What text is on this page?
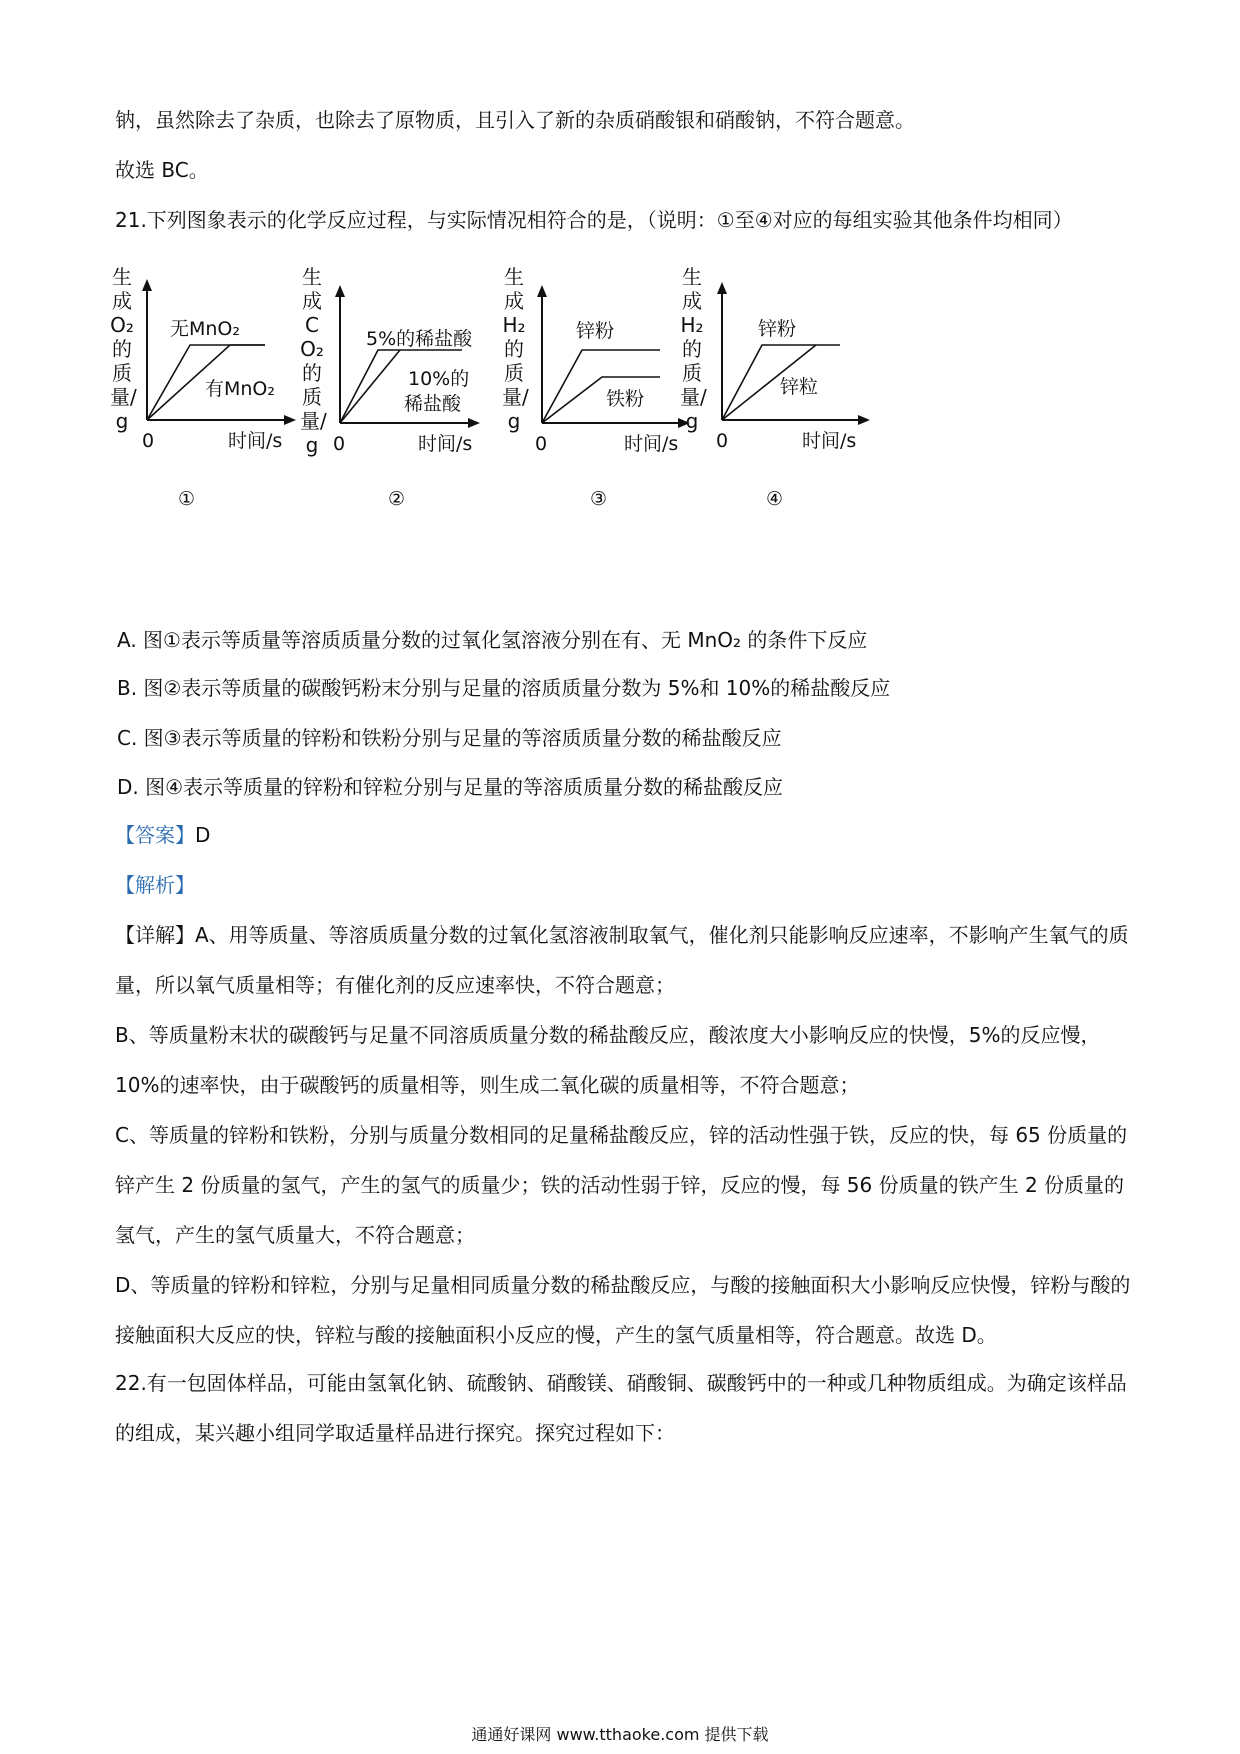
钠，虽然除去了杂质，也除去了原物质，且引入了新的杂质硝酸银和硝酸钠，不符合题意。

故选 BC。

21.下列图象表示的化学反应过程，与实际情况相符合的是，（说明：①至④对应的每组实验其他条件均相同）

生成O₂的质量/g
无MnO₂
有MnO₂
0	时间/s
①
生成CO₂的质量/g
5%的稀盐酸
10%的
稀盐酸
0	时间/s
②
生成H₂的质量/g
锌粉
铁粉
0	时间/s
③
生成H₂的质量/g
锌粉
锌粒
0	时间/s
④
A. 图①表示等质量等溶质质量分数的过氧化氢溶液分别在有、无 MnO₂ 的条件下反应
B. 图②表示等质量的碳酸钙粉末分别与足量的溶质质量分数为 5%和 10%的稀盐酸反应
C. 图③表示等质量的锌粉和铁粉分别与足量的等溶质质量分数的稀盐酸反应
D. 图④表示等质量的锌粉和锌粒分别与足量的等溶质质量分数的稀盐酸反应
【答案】D
【解析】

【详解】A、用等质量、等溶质质量分数的过氧化氢溶液制取氧气，催化剂只能影响反应速率，不影响产生氧气的质量，所以氧气质量相等；有催化剂的反应速率快，不符合题意；

B、等质量粉末状的碳酸钙与足量不同溶质质量分数的稀盐酸反应，酸浓度大小影响反应的快慢，5%的反应慢，10%的速率快，由于碳酸钙的质量相等，则生成二氧化碳的质量相等，不符合题意；

C、等质量的锌粉和铁粉，分别与质量分数相同的足量稀盐酸反应，锌的活动性强于铁，反应的快，每 65 份质量的锌产生 2 份质量的氢气，产生的氢气的质量少；铁的活动性弱于锌，反应的慢，每 56 份质量的铁产生 2 份质量的氢气，产生的氢气质量大，不符合题意；

D、等质量的锌粉和锌粒，分别与足量相同质量分数的稀盐酸反应，与酸的接触面积大小影响反应快慢，锌粉与酸的接触面积大反应的快，锌粒与酸的接触面积小反应的慢，产生的氢气质量相等，符合题意。故选 D。

22.有一包固体样品，可能由氢氧化钠、硫酸钠、硝酸镁、硝酸铜、碳酸钙中的一种或几种物质组成。为确定该样品的组成，某兴趣小组同学取适量样品进行探究。探究过程如下：

通通好课网 www.tthaoke.com 提供下载
